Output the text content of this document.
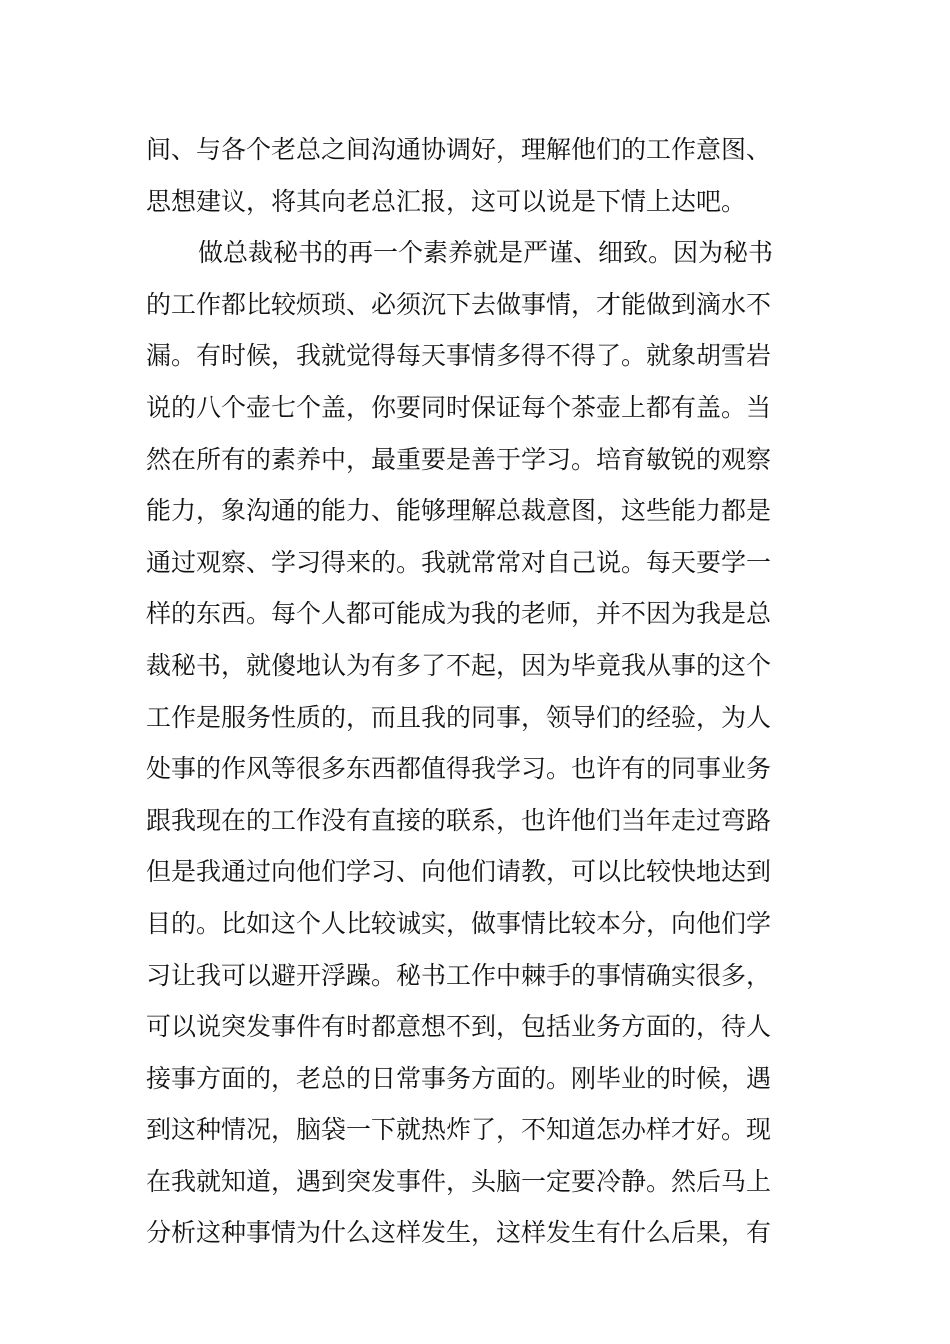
间、与各个老总之间沟通协调好，理解他们的工作意图、
思想建议，将其向老总汇报，这可以说是下情上达吧。
做总裁秘书的再一个素养就是严谨、细致。因为秘书
的工作都比较烦琐、必须沉下去做事情，才能做到滴水不
漏。有时候，我就觉得每天事情多得不得了。就象胡雪岩
说的八个壶七个盖，你要同时保证每个茶壶上都有盖。当
然在所有的素养中，最重要是善于学习。培育敏锐的观察
能力，象沟通的能力、能够理解总裁意图，这些能力都是
通过观察、学习得来的。我就常常对自己说。每天要学一
样的东西。每个人都可能成为我的老师，并不因为我是总
裁秘书，就傻地认为有多了不起，因为毕竟我从事的这个
工作是服务性质的，而且我的同事，领导们的经验，为人
处事的作风等很多东西都值得我学习。也许有的同事业务
跟我现在的工作没有直接的联系，也许他们当年走过弯路
但是我通过向他们学习、向他们请教，可以比较快地达到
目的。比如这个人比较诚实，做事情比较本分，向他们学
习让我可以避开浮躁。秘书工作中棘手的事情确实很多，
可以说突发事件有时都意想不到，包括业务方面的，待人
接事方面的，老总的日常事务方面的。刚毕业的时候，遇
到这种情况，脑袋一下就热炸了，不知道怎办样才好。现
在我就知道，遇到突发事件，头脑一定要冷静。然后马上
分析这种事情为什么这样发生，这样发生有什么后果，有
